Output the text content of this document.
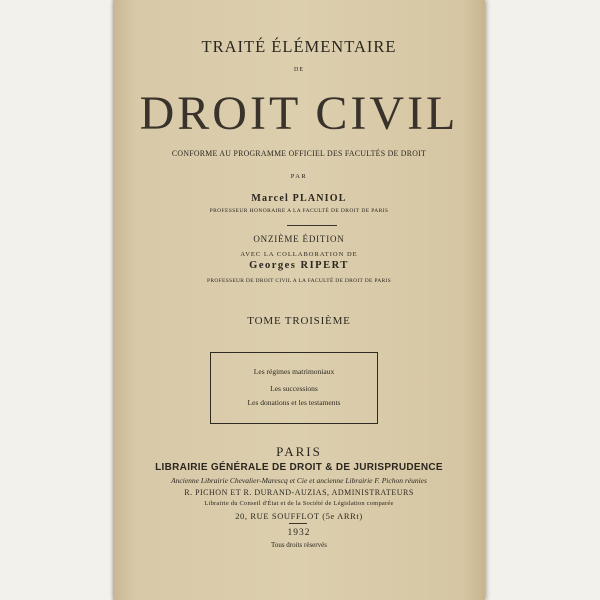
TRAITÉ ÉLÉMENTAIRE
DE
DROIT CIVIL
CONFORME AU PROGRAMME OFFICIEL DES FACULTÉS DE DROIT
PAR
Marcel PLANIOL
PROFESSEUR HONORAIRE A LA FACULTÉ DE DROIT DE PARIS
ONZIÈME ÉDITION
AVEC LA COLLABORATION DE
Georges RIPERT
PROFESSEUR DE DROIT CIVIL A LA FACULTÉ DE DROIT DE PARIS
TOME TROISIÈME
Les régimes matrimoniaux
Les successions
Les donations et les testaments
PARIS
LIBRAIRIE GÉNÉRALE DE DROIT & DE JURISPRUDENCE
Ancienne Librairie Chevalier-Marescq et Cie et ancienne Librairie F. Pichon réunies
R. PICHON ET R. DURAND-AUZIAS, ADMINISTRATEURS
Librairie du Conseil d'État et de la Société de Législation comparée
20, RUE SOUFFLOT (5e ARRt)
1932
Tous droits réservés
